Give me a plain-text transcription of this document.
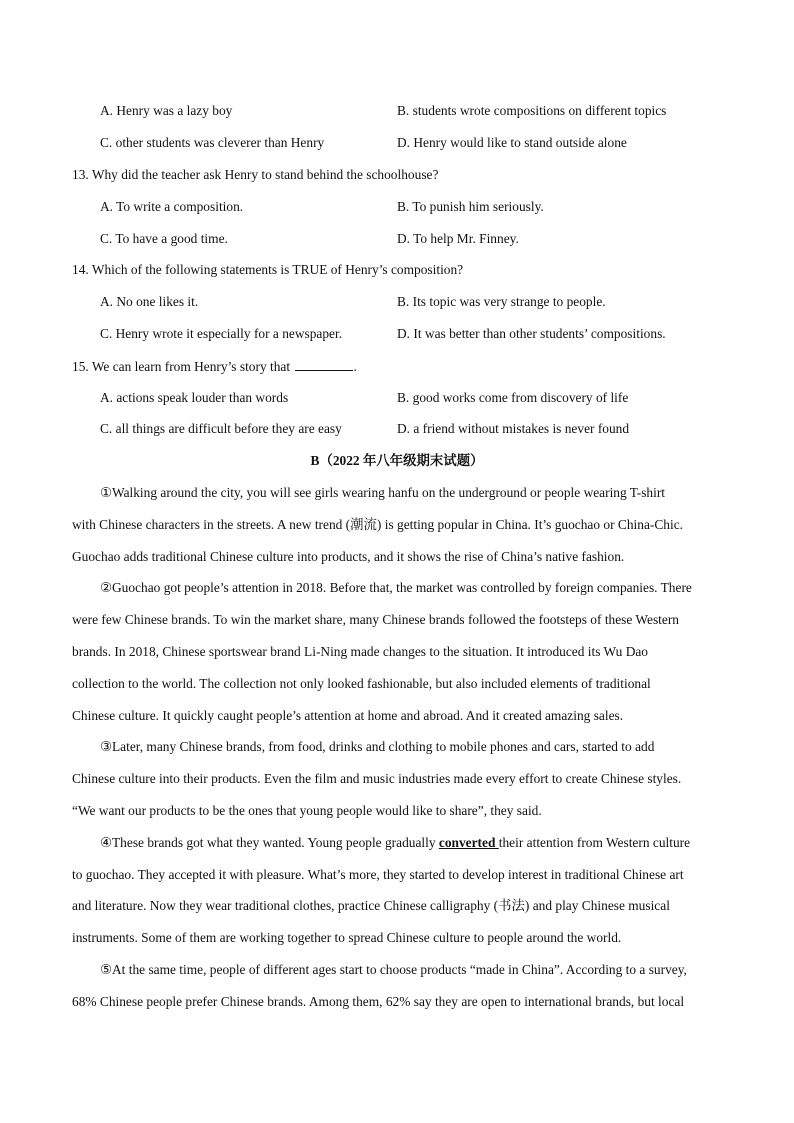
A. Henry was a lazy boy	B. students wrote compositions on different topics
C. other students was cleverer than Henry	D. Henry would like to stand outside alone
13. Why did the teacher ask Henry to stand behind the schoolhouse?
A. To write a composition.	B. To punish him seriously.
C. To have a good time.	D. To help Mr. Finney.
14. Which of the following statements is TRUE of Henry’s composition?
A. No one likes it.	B. Its topic was very strange to people.
C. Henry wrote it especially for a newspaper.	D. It was better than other students’ compositions.
15. We can learn from Henry’s story that	.
A. actions speak louder than words	B. good works come from discovery of life
C. all things are difficult before they are easy	D. a friend without mistakes is never found
B（2022 年八年级期末试题）
①Walking around the city, you will see girls wearing hanfu on the underground or people wearing T-shirt
with Chinese characters in the streets. A new trend (潮流) is getting popular in China. It’s guochao or China-Chic.
Guochao adds traditional Chinese culture into products, and it shows the rise of China’s native fashion.
②Guochao got people’s attention in 2018. Before that, the market was controlled by foreign companies. There
were few Chinese brands. To win the market share, many Chinese brands followed the footsteps of these Western
brands. In 2018, Chinese sportswear brand Li-Ning made changes to the situation. It introduced its Wu Dao
collection to the world. The collection not only looked fashionable, but also included elements of traditional
Chinese culture. It quickly caught people’s attention at home and abroad. And it created amazing sales.
③Later, many Chinese brands, from food, drinks and clothing to mobile phones and cars, started to add
Chinese culture into their products. Even the film and music industries made every effort to create Chinese styles.
“We want our products to be the ones that young people would like to share”, they said.
④These brands got what they wanted. Young people gradually converted their attention from Western culture
to guochao. They accepted it with pleasure. What’s more, they started to develop interest in traditional Chinese art
and literature. Now they wear traditional clothes, practice Chinese calligraphy (书法) and play Chinese musical
instruments. Some of them are working together to spread Chinese culture to people around the world.
⑤At the same time, people of different ages start to choose products “made in China”. According to a survey,
68% Chinese people prefer Chinese brands. Among them, 62% say they are open to international brands, but local
